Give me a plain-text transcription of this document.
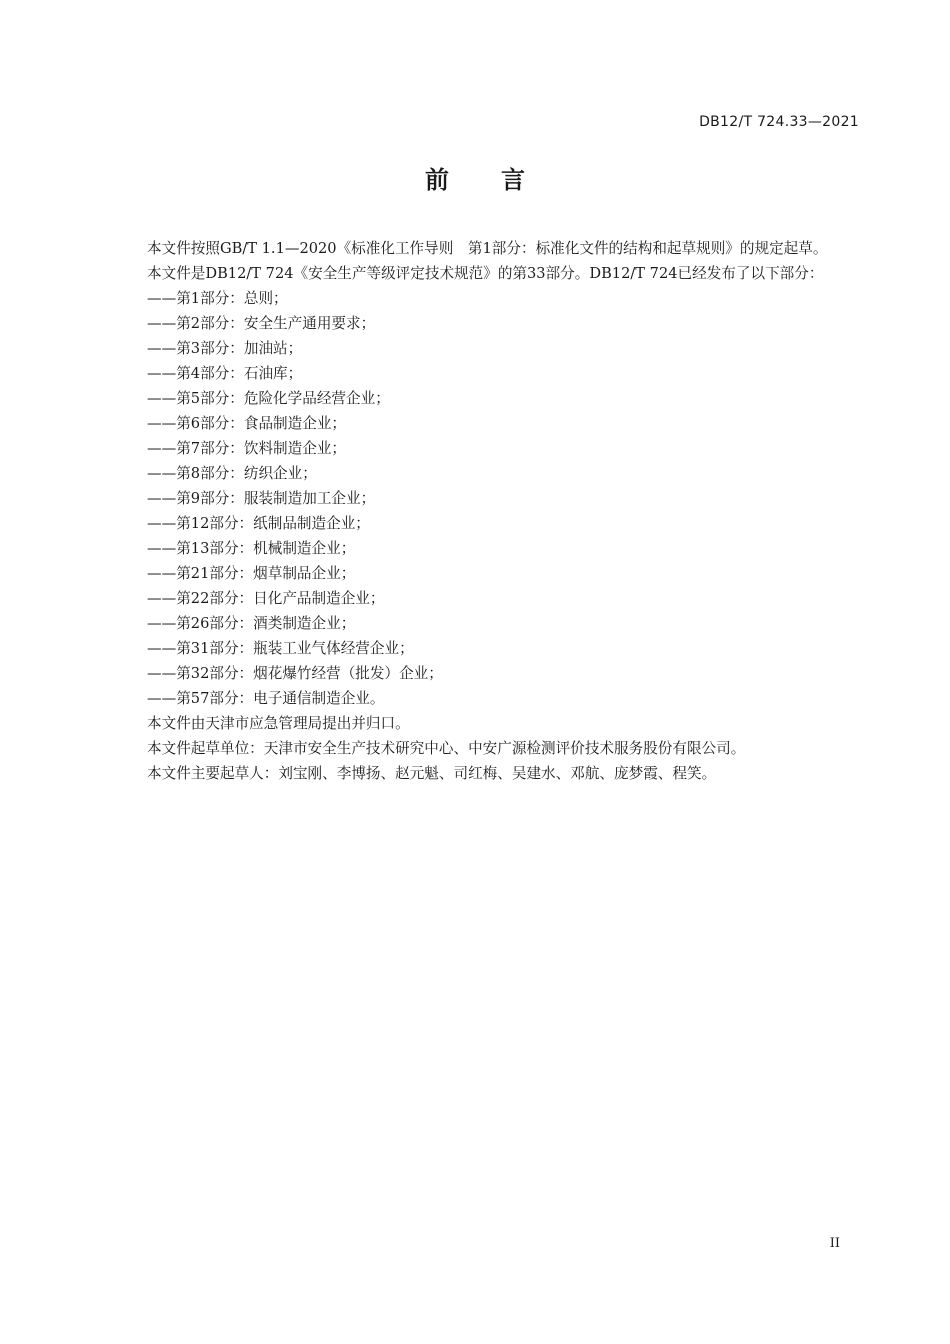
DB12/T 724.33—2021
前 言

本文件按照GB/T 1.1—2020《标准化工作导则　第1部分：标准化文件的结构和起草规则》的规定起草。

本文件是DB12/T 724《安全生产等级评定技术规范》的第33部分。DB12/T 724已经发布了以下部分：

——第1部分：总则；

——第2部分：安全生产通用要求；

——第3部分：加油站；

——第4部分：石油库；

——第5部分：危险化学品经营企业；

——第6部分：食品制造企业；

——第7部分：饮料制造企业；

——第8部分：纺织企业；

——第9部分：服装制造加工企业；

——第12部分：纸制品制造企业；

——第13部分：机械制造企业；

——第21部分：烟草制品企业；

——第22部分：日化产品制造企业；

——第26部分：酒类制造企业；

——第31部分：瓶装工业气体经营企业；

——第32部分：烟花爆竹经营（批发）企业；

——第57部分：电子通信制造企业。

本文件由天津市应急管理局提出并归口。

本文件起草单位：天津市安全生产技术研究中心、中安广源检测评价技术服务股份有限公司。

本文件主要起草人：刘宝刚、李博扬、赵元魁、司红梅、吴建水、邓航、庞梦霞、程笑。

II
